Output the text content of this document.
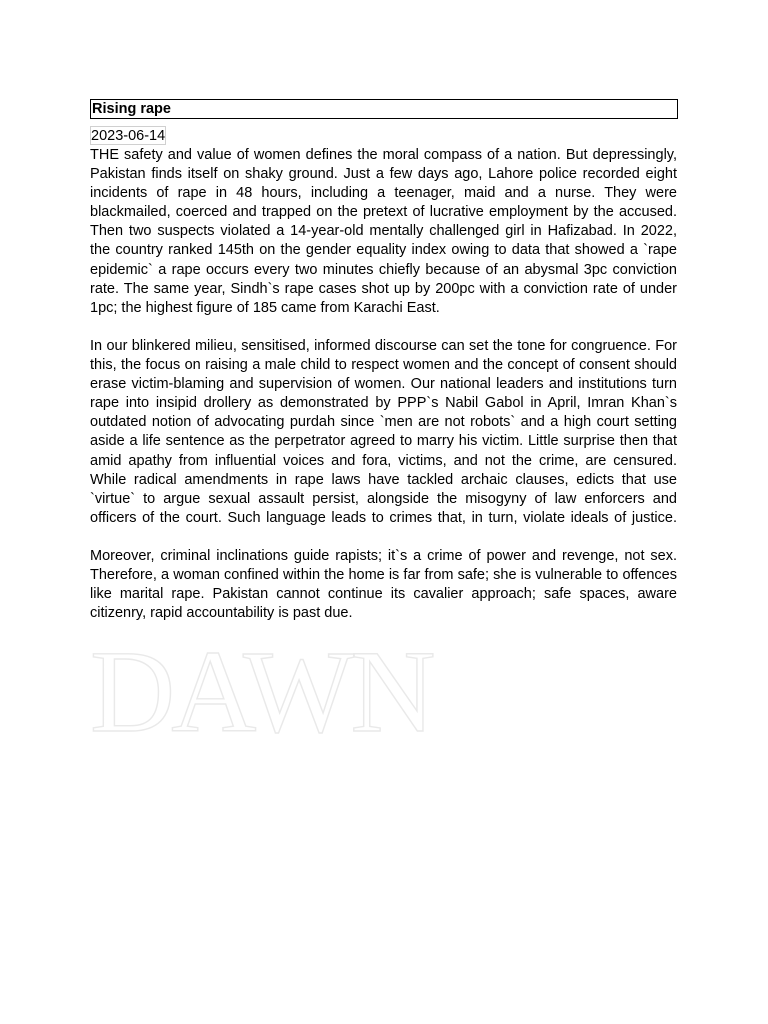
Rising rape
2023-06-14

THE safety and value of women defines the moral compass of a nation. But depressingly, Pakistan finds itself on shaky ground. Just a few days ago, Lahore police recorded eight incidents of rape in 48 hours, including a teenager, maid and a nurse. They were blackmailed, coerced and trapped on the pretext of lucrative employment by the accused. Then two suspects violated a 14-year-old mentally challenged girl in Hafizabad. In 2022, the country ranked 145th on the gender equality index owing to data that showed a `rape epidemic` a rape occurs every two minutes chiefly because of an abysmal 3pc conviction rate. The same year, Sindh`s rape cases shot up by 200pc with a conviction rate of under 1pc; the highest figure of 185 came from Karachi East.

In our blinkered milieu, sensitised, informed discourse can set the tone for congruence. For this, the focus on raising a male child to respect women and the concept of consent should erase victim-blaming and supervision of women. Our national leaders and institutions turn rape into insipid drollery as demonstrated by PPP`s Nabil Gabol in April, Imran Khan`s outdated notion of advocating purdah since `men are not robots` and a high court setting aside a life sentence as the perpetrator agreed to marry his victim. Little surprise then that amid apathy from influential voices and fora, victims, and not the crime, are censured. While radical amendments in rape laws have tackled archaic clauses, edicts that use `virtue` to argue sexual assault persist, alongside the misogyny of law enforcers and officers of the court. Such language leads to crimes that, in turn, violate ideals of justice.

Moreover, criminal inclinations guide rapists; it`s a crime of power and revenge, not sex. Therefore, a woman confined within the home is far from safe; she is vulnerable to offences like marital rape. Pakistan cannot continue its cavalier approach; safe spaces, aware citizenry, rapid accountability is past due.

DAWN
